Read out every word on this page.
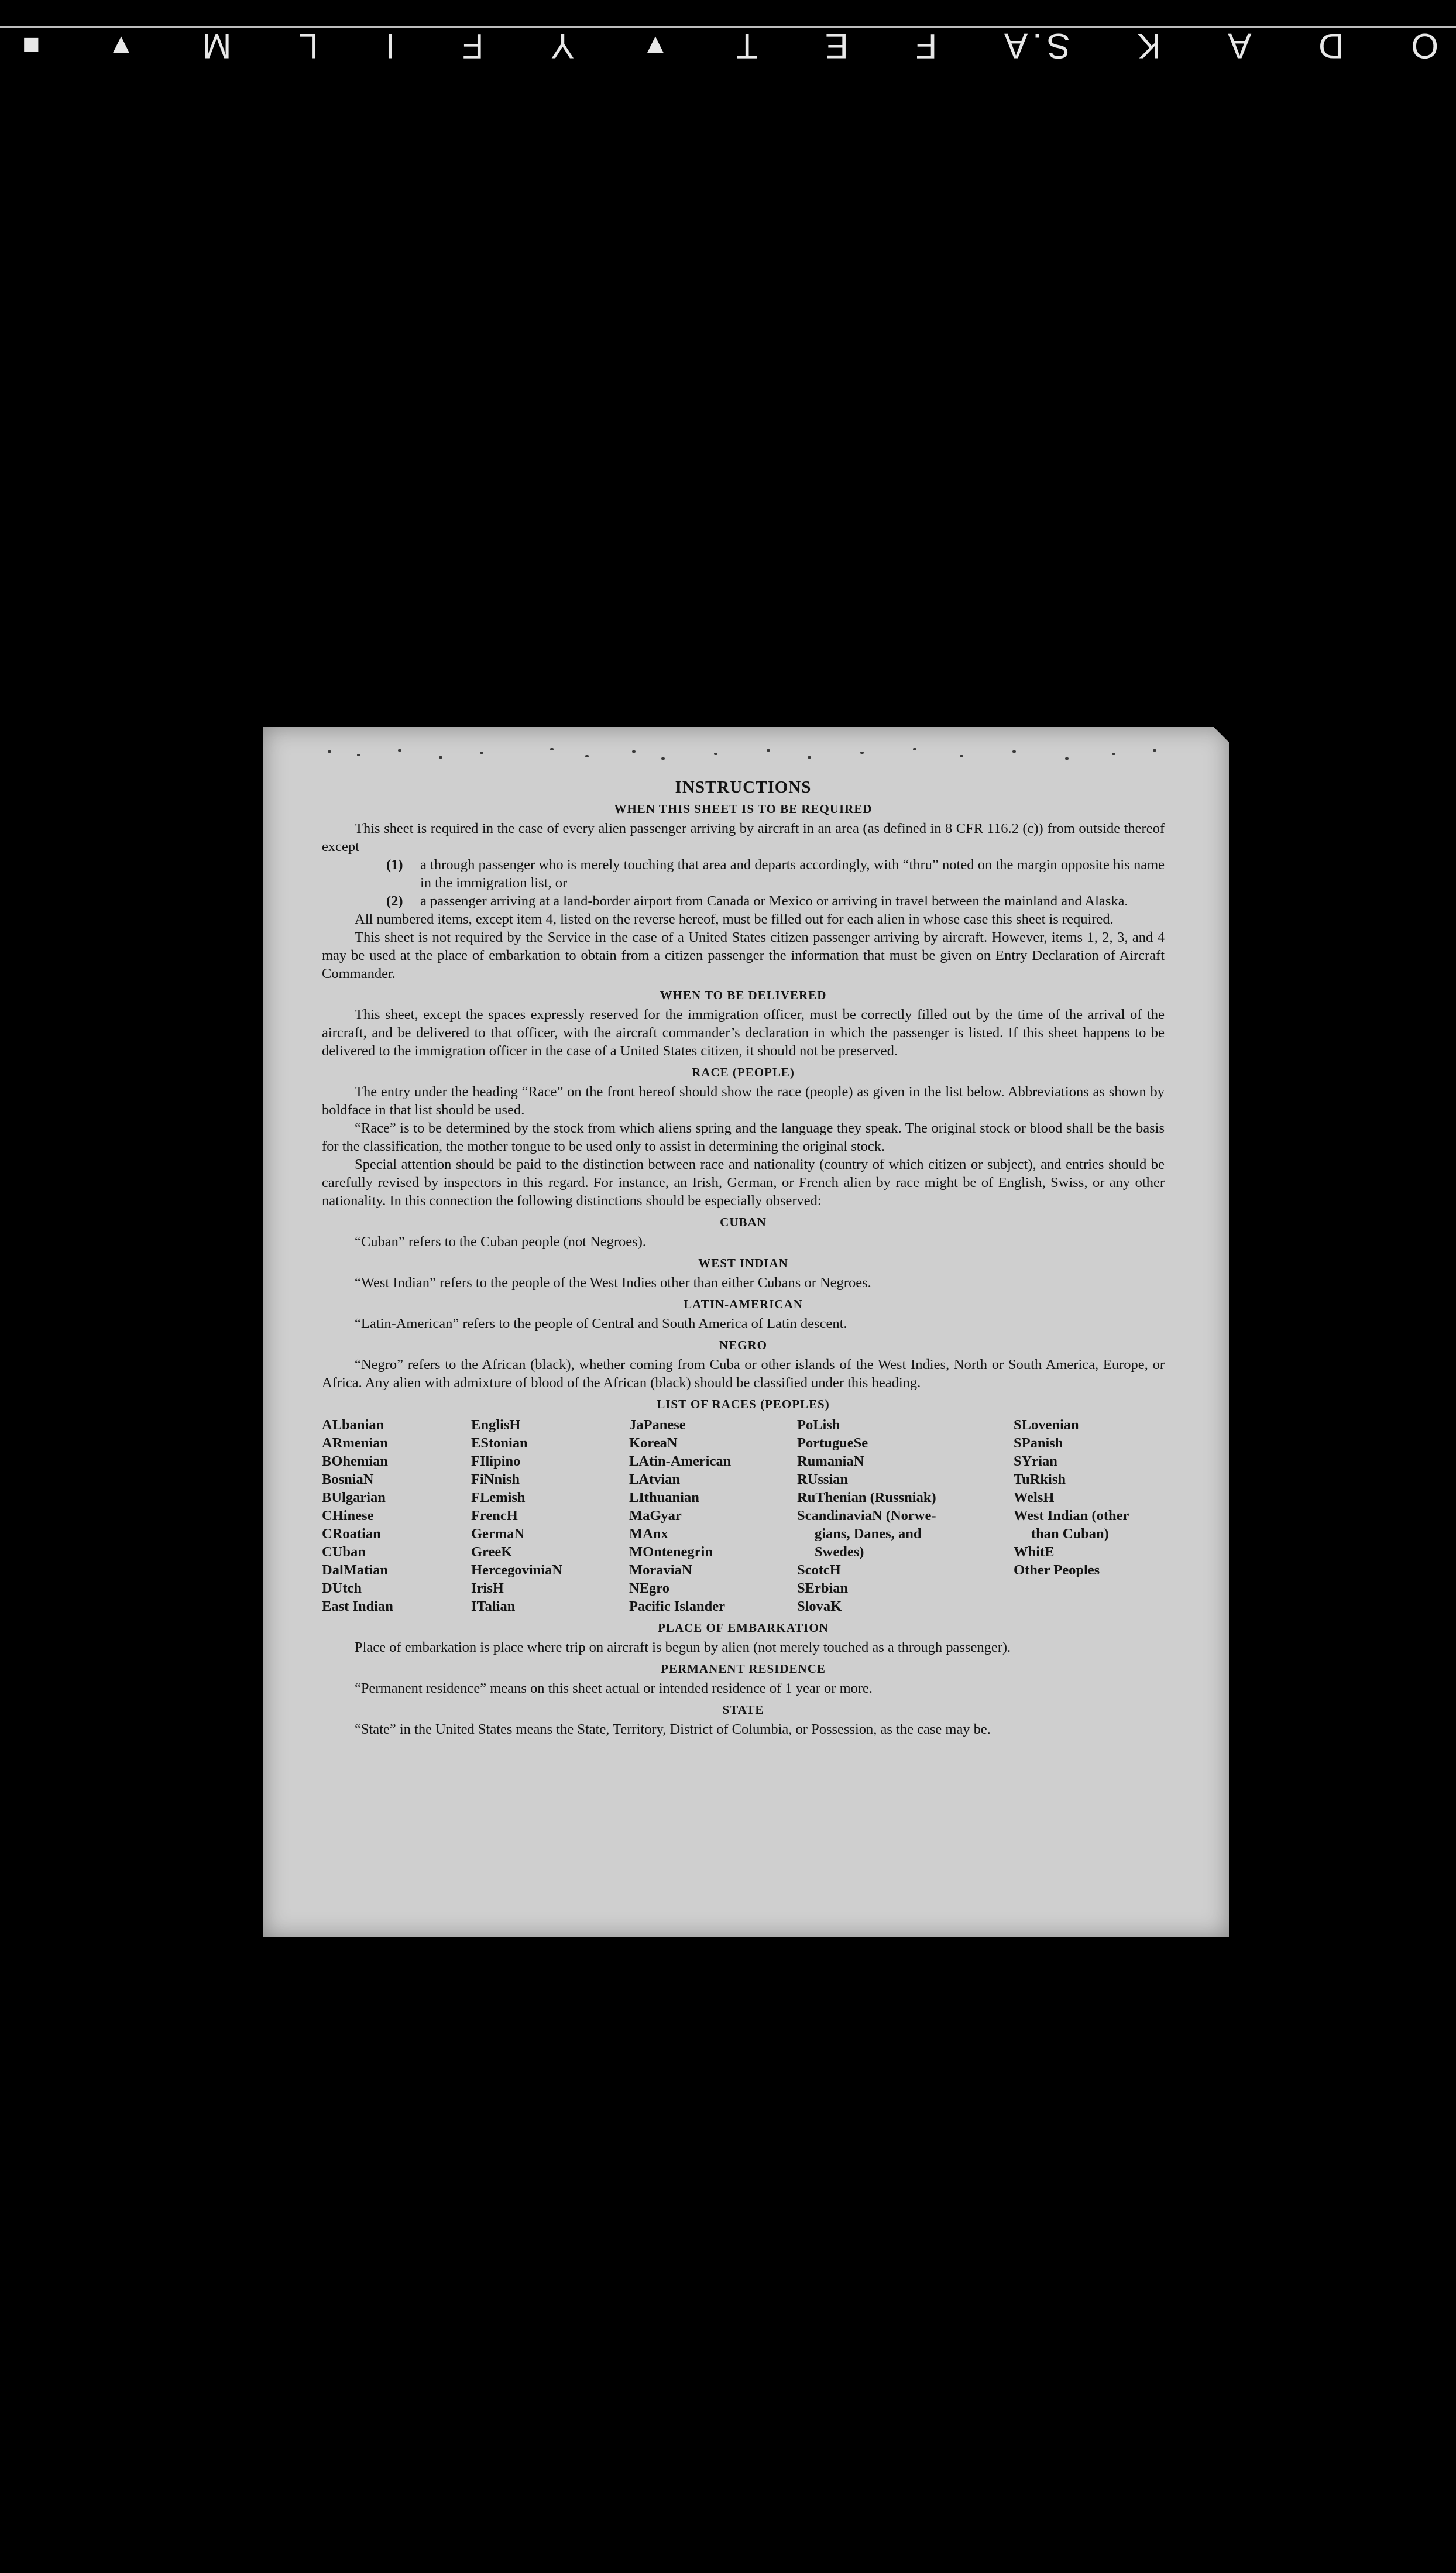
O
D
A
K
S.A
F
E
T
▼
Y
F
I
L
M
▼
■
INSTRUCTIONS
WHEN THIS SHEET IS TO BE REQUIRED

This sheet is required in the case of every alien passenger arriving by aircraft in an area (as defined in 8 CFR 116.2 (c)) from outside thereof except

(1)	a through passenger who is merely touching that area and departs accordingly, with “thru” noted on the margin opposite his name in the immigration list, or
(2)	a passenger arriving at a land-border airport from Canada or Mexico or arriving in travel between the mainland and Alaska.

All numbered items, except item 4, listed on the reverse hereof, must be filled out for each alien in whose case this sheet is required.

This sheet is not required by the Service in the case of a United States citizen passenger arriving by aircraft. However, items 1, 2, 3, and 4 may be used at the place of embarkation to obtain from a citizen passenger the information that must be given on Entry Declaration of Aircraft Commander.

WHEN TO BE DELIVERED

This sheet, except the spaces expressly reserved for the immigration officer, must be correctly filled out by the time of the arrival of the aircraft, and be delivered to that officer, with the aircraft commander’s declaration in which the passenger is listed. If this sheet happens to be delivered to the immigration officer in the case of a United States citizen, it should not be preserved.

RACE (PEOPLE)

The entry under the heading “Race” on the front hereof should show the race (people) as given in the list below. Abbreviations as shown by boldface in that list should be used.

“Race” is to be determined by the stock from which aliens spring and the language they speak. The original stock or blood shall be the basis for the classification, the mother tongue to be used only to assist in determining the original stock.

Special attention should be paid to the distinction between race and nationality (country of which citizen or subject), and entries should be carefully revised by inspectors in this regard. For instance, an Irish, German, or French alien by race might be of English, Swiss, or any other nationality. In this connection the following distinctions should be especially observed:

CUBAN

“Cuban” refers to the Cuban people (not Negroes).

WEST INDIAN

“West Indian” refers to the people of the West Indies other than either Cubans or Negroes.

LATIN-AMERICAN

“Latin-American” refers to the people of Central and South America of Latin descent.

NEGRO

“Negro” refers to the African (black), whether coming from Cuba or other islands of the West Indies, North or South America, Europe, or Africa. Any alien with admixture of blood of the African (black) should be classified under this heading.

LIST OF RACES (PEOPLES)
ALbanian
ARmenian
BOhemian
BosniaN
BUlgarian
CHinese
CRoatian
CUban
DalMatian
DUtch
East Indian
EnglisH
EStonian
FIlipino
FiNnish
FLemish
FrencH
GermaN
GreeK
HercegoviniaN
IrisH
ITalian
JaPanese
KoreaN
LAtin-American
LAtvian
LIthuanian
MaGyar
MAnx
MOntenegrin
MoraviaN
NEgro
Pacific Islander
PoLish
PortugueSe
RumaniaN
RUssian
RuThenian (Russniak)
ScandinaviaN (Norwe-
gians, Danes, and
Swedes)
ScotcH
SErbian
SlovaK
SLovenian
SPanish
SYrian
TuRkish
WelsH
West Indian (other
than Cuban)
WhitE
Other Peoples
PLACE OF EMBARKATION

Place of embarkation is place where trip on aircraft is begun by alien (not merely touched as a through passenger).

PERMANENT RESIDENCE

“Permanent residence” means on this sheet actual or intended residence of 1 year or more.

STATE

“State” in the United States means the State, Territory, District of Columbia, or Possession, as the case may be.
